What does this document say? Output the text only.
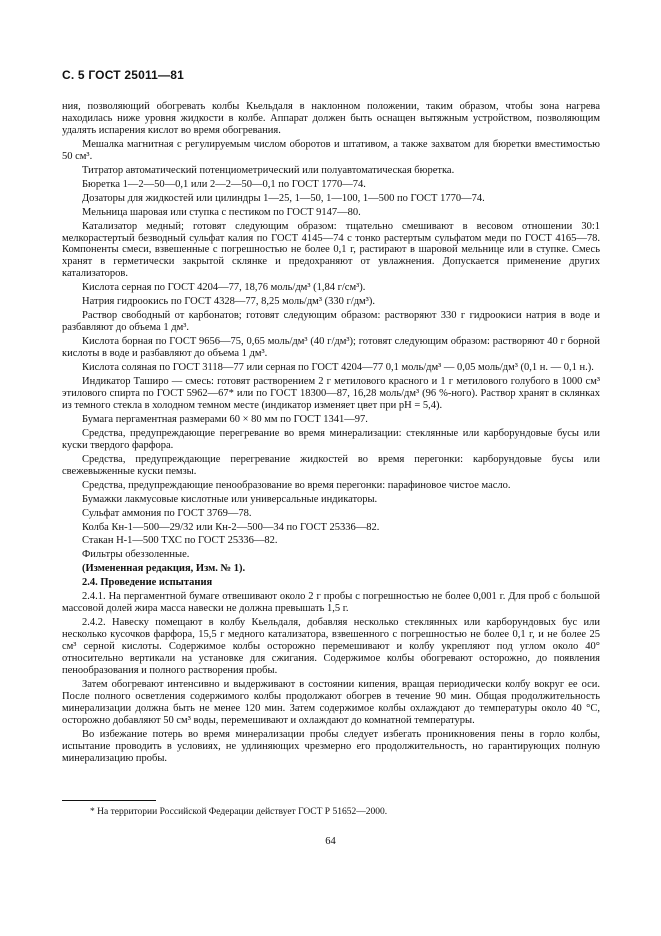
С. 5 ГОСТ 25011—81

ния, позволяющий обогревать колбы Кьельдаля в наклонном положении, таким образом, чтобы зона нагрева находилась ниже уровня жидкости в колбе. Аппарат должен быть оснащен вытяжным устройством, позволяющим удалять испарения кислот во время обогревания.

Мешалка магнитная с регулируемым числом оборотов и штативом, а также захватом для бюретки вместимостью 50 см³.

Титратор автоматический потенциометрический или полуавтоматическая бюретка.

Бюретка 1—2—50—0,1 или 2—2—50—0,1 по ГОСТ 1770—74.

Дозаторы для жидкостей или цилиндры 1—25, 1—50, 1—100, 1—500 по ГОСТ 1770—74.

Мельница шаровая или ступка с пестиком по ГОСТ 9147—80.

Катализатор медный; готовят следующим образом: тщательно смешивают в весовом отношении 30:1 мелкорастертый безводный сульфат калия по ГОСТ 4145—74 с тонко растертым сульфатом меди по ГОСТ 4165—78. Компоненты смеси, взвешенные с погрешностью не более 0,1 г, растирают в шаровой мельнице или в ступке. Смесь хранят в герметически закрытой склянке и предохраняют от увлажнения. Допускается применение других катализаторов.

Кислота серная по ГОСТ 4204—77, 18,76 моль/дм³ (1,84 г/см³).

Натрия гидроокись по ГОСТ 4328—77, 8,25 моль/дм³ (330 г/дм³).

Раствор свободный от карбонатов; готовят следующим образом: растворяют 330 г гидроокиси натрия в воде и разбавляют до объема 1 дм³.

Кислота борная по ГОСТ 9656—75, 0,65 моль/дм³ (40 г/дм³); готовят следующим образом: растворяют 40 г борной кислоты в воде и разбавляют до объема 1 дм³.

Кислота соляная по ГОСТ 3118—77 или серная по ГОСТ 4204—77 0,1 моль/дм³ — 0,05 моль/дм³ (0,1 н. — 0,1 н.).

Индикатор Таширо — смесь: готовят растворением 2 г метилового красного и 1 г метилового голубого в 1000 см³ этилового спирта по ГОСТ 5962—67* или по ГОСТ 18300—87, 16,28 моль/дм³ (96 %-ного). Раствор хранят в склянках из темного стекла в холодном темном месте (индикатор изменяет цвет при pH = 5,4).

Бумага пергаментная размерами 60 × 80 мм по ГОСТ 1341—97.

Средства, предупреждающие перегревание во время минерализации: стеклянные или карборундовые бусы или куски твердого фарфора.

Средства, предупреждающие перегревание жидкостей во время перегонки: карборундовые бусы или свежевыженные куски пемзы.

Средства, предупреждающие пенообразование во время перегонки: парафиновое чистое масло.

Бумажки лакмусовые кислотные или универсальные индикаторы.

Сульфат аммония по ГОСТ 3769—78.

Колба Кн-1—500—29/32 или Кн-2—500—34 по ГОСТ 25336—82.

Стакан Н-1—500 ТХС по ГОСТ 25336—82.

Фильтры обеззоленные.

(Измененная редакция, Изм. № 1).

2.4. Проведение испытания

2.4.1. На пергаментной бумаге отвешивают около 2 г пробы с погрешностью не более 0,001 г. Для проб с большой массовой долей жира масса навески не должна превышать 1,5 г.

2.4.2. Навеску помещают в колбу Кьельдаля, добавляя несколько стеклянных или карборундовых бус или несколько кусочков фарфора, 15,5 г медного катализатора, взвешенного с погрешностью не более 0,1 г, и не более 25 см³ серной кислоты. Содержимое колбы осторожно перемешивают и колбу укрепляют под углом около 40° относительно вертикали на установке для сжигания. Содержимое колбы обогревают осторожно, до появления пенообразования и полного растворения пробы.

Затем обогревают интенсивно и выдерживают в состоянии кипения, вращая периодически колбу вокруг ее оси. После полного осветления содержимого колбы продолжают обогрев в течение 90 мин. Общая продолжительность минерализации должна быть не менее 120 мин. Затем содержимое колбы охлаждают до температуры около 40 °С, осторожно добавляют 50 см³ воды, перемешивают и охлаждают до комнатной температуры.

Во избежание потерь во время минерализации пробы следует избегать проникновения пены в горло колбы, испытание проводить в условиях, не удлиняющих чрезмерно его продолжительность, но гарантирующих полную минерализацию пробы.

* На территории Российской Федерации действует ГОСТ Р 51652—2000.
64
